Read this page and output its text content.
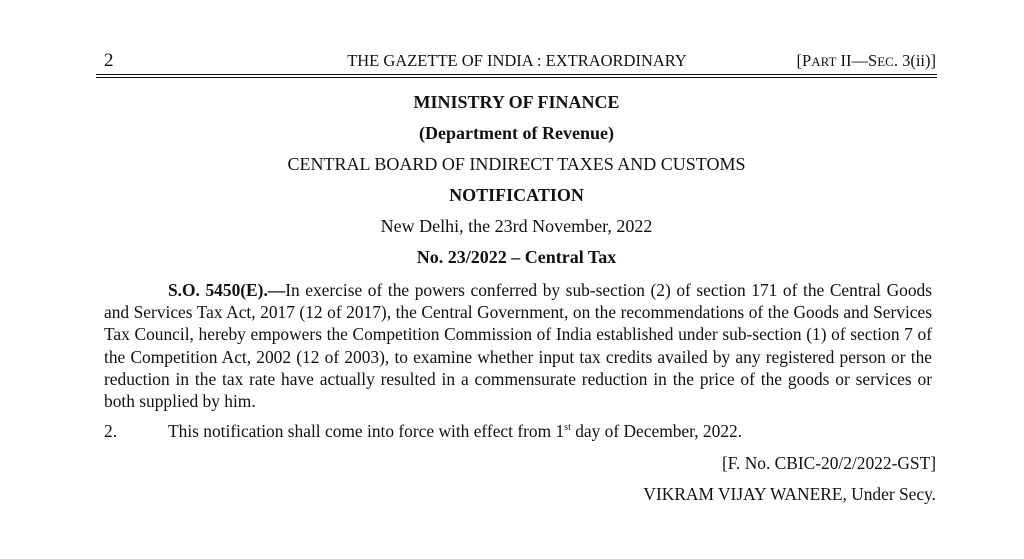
2	THE GAZETTE OF INDIA : EXTRAORDINARY	[PART II—SEC. 3(ii)]
MINISTRY OF FINANCE
(Department of Revenue)
CENTRAL BOARD OF INDIRECT TAXES AND CUSTOMS
NOTIFICATION
New Delhi, the 23rd November, 2022
No. 23/2022 – Central Tax

S.O. 5450(E).—In exercise of the powers conferred by sub-section (2) of section 171 of the Central Goods and Services Tax Act, 2017 (12 of 2017), the Central Government, on the recommendations of the Goods and Services Tax Council, hereby empowers the Competition Commission of India established under sub-section (1) of section 7 of the Competition Act, 2002 (12 of 2003), to examine whether input tax credits availed by any registered person or the reduction in the tax rate have actually resulted in a commensurate reduction in the price of the goods or services or both supplied by him.

2.	This notification shall come into force with effect from 1st day of December, 2022.
[F. No. CBIC-20/2/2022-GST]
VIKRAM VIJAY WANERE, Under Secy.
